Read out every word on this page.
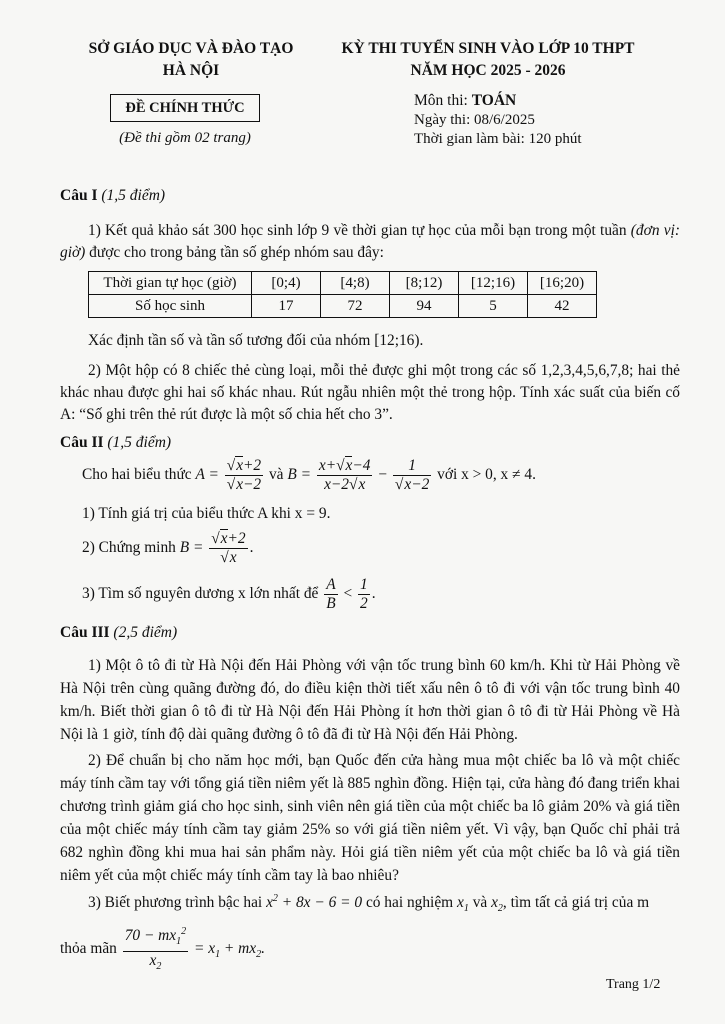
SỞ GIÁO DỤC VÀ ĐÀO TẠO
HÀ NỘI
KỲ THI TUYỂN SINH VÀO LỚP 10 THPT
NĂM HỌC 2025 - 2026
ĐỀ CHÍNH THỨC
(Đề thi gồm 02 trang)
Môn thi: TOÁN
Ngày thi: 08/6/2025
Thời gian làm bài: 120 phút
Câu I (1,5 điểm)

1) Kết quả khảo sát 300 học sinh lớp 9 về thời gian tự học của mỗi bạn trong một tuần (đơn vị: giờ) được cho trong bảng tần số ghép nhóm sau đây:

Thời gian tự học (giờ)	[0;4)	[4;8)	[8;12)	[12;16)	[16;20)
Số học sinh	17	72	94	5	42

Xác định tần số và tần số tương đối của nhóm [12;16).

2) Một hộp có 8 chiếc thẻ cùng loại, mỗi thẻ được ghi một trong các số 1,2,3,4,5,6,7,8; hai thẻ khác nhau được ghi hai số khác nhau. Rút ngẫu nhiên một thẻ trong hộp. Tính xác suất của biến cố A: “Số ghi trên thẻ rút được là một số chia hết cho 3”.

Câu II (1,5 điểm)
Cho hai biểu thức $A = \frac{√x+2}{√x-2}$ và $B = \frac{x+√x-4}{x-2√x} - \frac{1}{√x-2}$ với x > 0, x ≠ 4.
1) Tính giá trị của biểu thức A khi x = 9.
2) Chứng minh $B = \frac{√x+2}{√x}$ .
3) Tìm số nguyên dương x lớn nhất để $\frac{A}{B} < \frac{1}{2}$ .
Câu III (2,5 điểm)

1) Một ô tô đi từ Hà Nội đến Hải Phòng với vận tốc trung bình 60 km/h. Khi từ Hải Phòng về Hà Nội trên cùng quãng đường đó, do điều kiện thời tiết xấu nên ô tô đi với vận tốc trung bình 40 km/h. Biết thời gian ô tô đi từ Hà Nội đến Hải Phòng ít hơn thời gian ô tô đi từ Hải Phòng về Hà Nội là 1 giờ, tính độ dài quãng đường ô tô đã đi từ Hà Nội đến Hải Phòng.

2) Để chuẩn bị cho năm học mới, bạn Quốc đến cửa hàng mua một chiếc ba lô và một chiếc máy tính cầm tay với tổng giá tiền niêm yết là 885 nghìn đồng. Hiện tại, cửa hàng đó đang triển khai chương trình giảm giá cho học sinh, sinh viên nên giá tiền của một chiếc ba lô giảm 20% và giá tiền của một chiếc máy tính cầm tay giảm 25% so với giá tiền niêm yết. Vì vậy, bạn Quốc chỉ phải trả 682 nghìn đồng khi mua hai sản phẩm này. Hỏi giá tiền niêm yết của một chiếc ba lô và giá tiền niêm yết của một chiếc máy tính cầm tay là bao nhiêu?

3) Biết phương trình bậc hai $x^2 + 8x - 6 = 0$ có hai nghiệm $x_1$ và $x_2$, tìm tất cả giá trị của m
thỏa mãn $\frac{70 - mx_1^2}{x_2} = x_1 + mx_2$.
Trang 1/2
